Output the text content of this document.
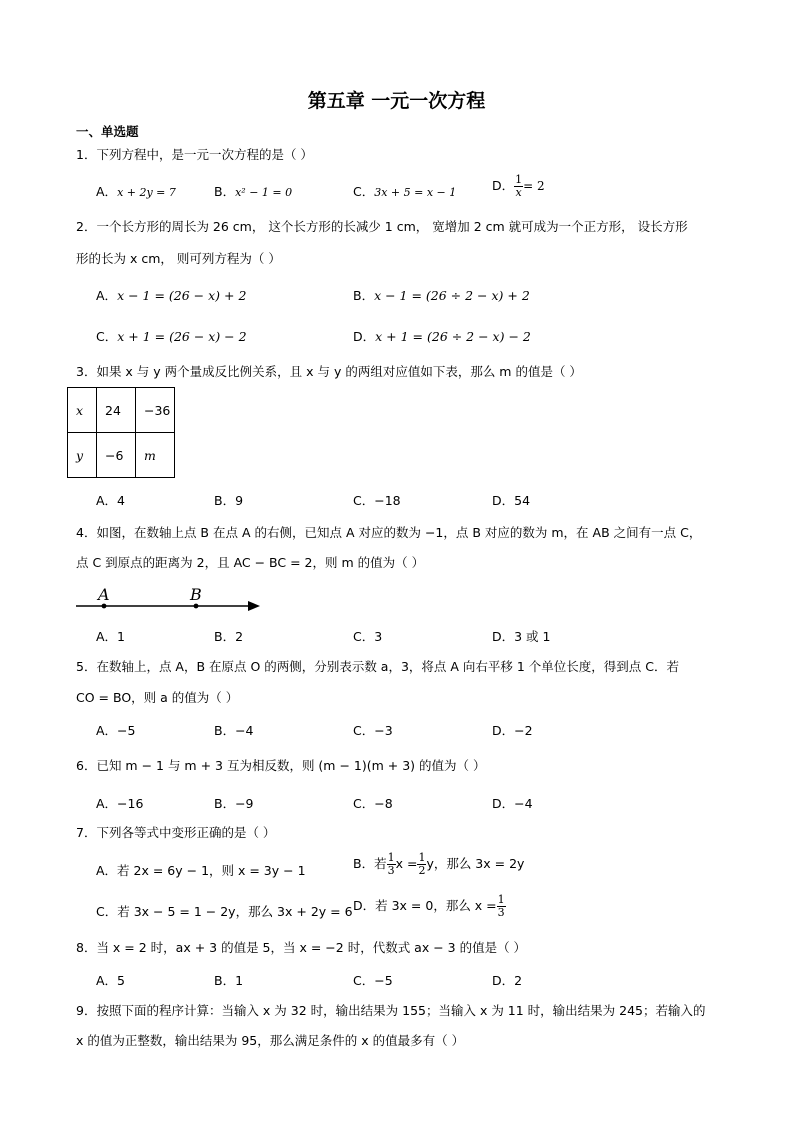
第五章 一元一次方程
一、单选题
1．下列方程中，是一元一次方程的是（ ）
A．x + 2y = 7	B．x² − 1 = 0	C．3x + 5 = x − 1	D． $\frac{1}{x} = 2$
2．一个长方形的周长为 26 cm， 这个长方形的长减少 1 cm， 宽增加 2 cm 就可成为一个正方形， 设长方形
形的长为 x cm， 则可列方程为（ ）
A．x − 1 = (26 − x) + 2	B．x − 1 = (26 ÷ 2 − x) + 2
C．x + 1 = (26 − x) − 2	D．x + 1 = (26 ÷ 2 − x) − 2
3．如果 x 与 y 两个量成反比例关系，且 x 与 y 的两组对应值如下表，那么 m 的值是（ ）
x	24	−36
y	−6	m
A．4	B．9	C．−18	D．54
4．如图，在数轴上点 B 在点 A 的右侧，已知点 A 对应的数为 −1，点 B 对应的数为 m，在 AB 之间有一点 C，
点 C 到原点的距离为 2，且 AC − BC = 2，则 m 的值为（ ）
A	B
A．1	B．2	C．3	D．3 或 1
5．在数轴上，点 A，B 在原点 O 的两侧，分别表示数 a，3，将点 A 向右平移 1 个单位长度，得到点 C．若
CO = BO，则 a 的值为（ ）
A．−5	B．−4	C．−3	D．−2
6．已知 m − 1 与 m + 3 互为相反数，则 (m − 1)(m + 3) 的值为（ ）
A．−16	B．−9	C．−8	D．−4
7．下列各等式中变形正确的是（ ）
A．若 2x = 6y − 1，则 x = 3y − 1	B．若 $\frac{1}{3}$ $x = \frac{1}{2}$ y，那么 3x = 2y
C．若 3x − 5 = 1 − 2y，那么 3x + 2y = 6 D．若 3x = 0，那么 $x = \frac{1}{3}$
8．当 x = 2 时，ax + 3 的值是 5，当 x = −2 时，代数式 ax − 3 的值是（ ）
A．5	B．1	C．−5	D．2
9．按照下面的程序计算：当输入 x 为 32 时，输出结果为 155；当输入 x 为 11 时，输出结果为 245；若输入的
x 的值为正整数，输出结果为 95，那么满足条件的 x 的值最多有（ ）
